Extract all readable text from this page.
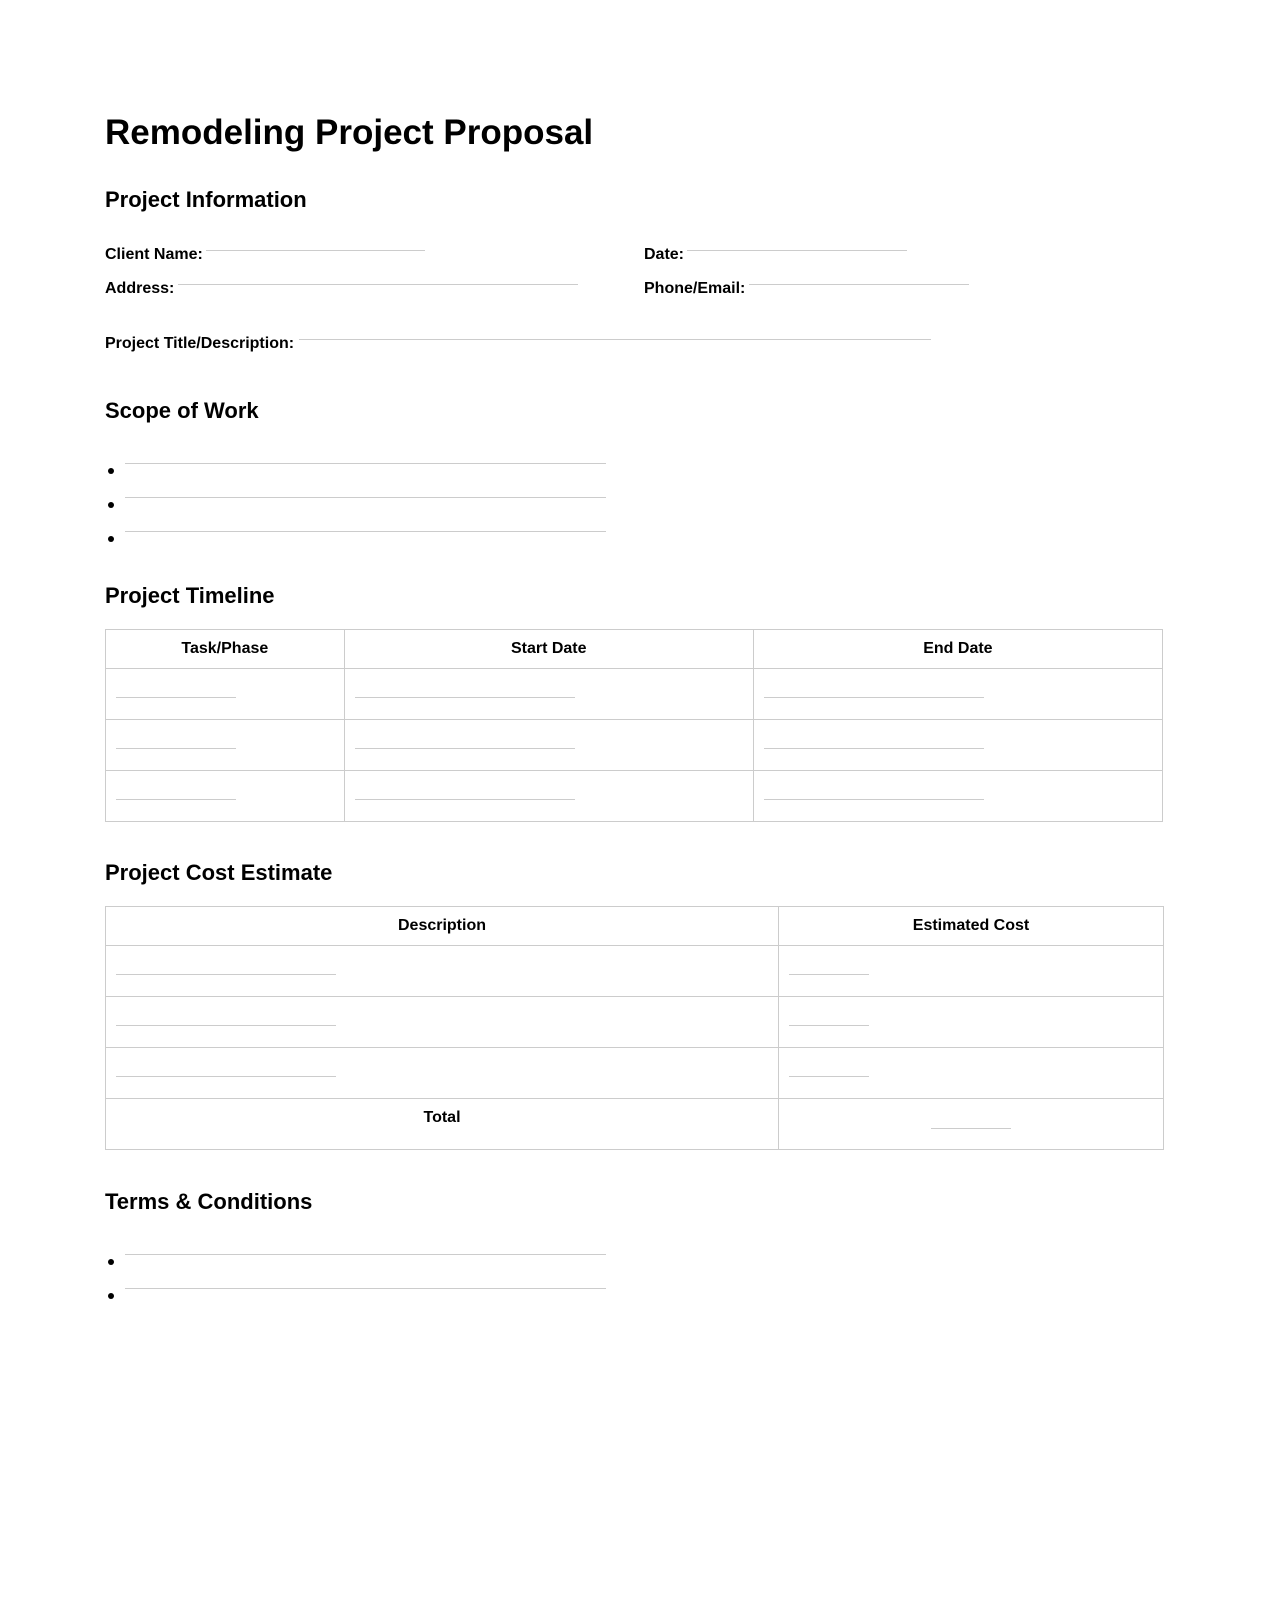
Remodeling Project Proposal
Project Information
Client Name:	Date:
Address:	Phone/Email:
Project Title/Description:
Scope of Work
Project Timeline
Task/Phase	Start Date	End Date

Project Cost Estimate
Description	Estimated Cost

Total	

Terms & Conditions
